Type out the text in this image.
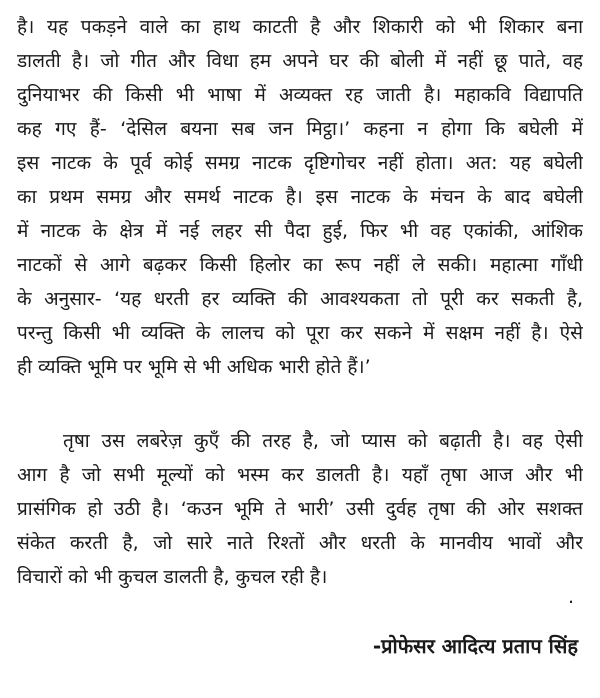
है। यह पकड़ने वाले का हाथ काटती है और शिकारी को भी शिकार बना
डालती है। जो गीत और विधा हम अपने घर की बोली में नहीं छू पाते, वह
दुनियाभर की किसी भी भाषा में अव्यक्त रह जाती है। महाकवि विद्यापति
कह गए हैं- ‘देसिल बयना सब जन मिट्ठा।’ कहना न होगा कि बघेली में
इस नाटक के पूर्व कोई समग्र नाटक दृष्टिगोचर नहीं होता। अत: यह बघेली
का प्रथम समग्र और समर्थ नाटक है। इस नाटक के मंचन के बाद बघेली
में नाटक के क्षेत्र में नई लहर सी पैदा हुई, फिर भी वह एकांकी, आंशिक
नाटकों से आगे बढ़कर किसी हिलोर का रूप नहीं ले सकी। महात्मा गाँधी
के अनुसार- ‘यह धरती हर व्यक्ति की आवश्यकता तो पूरी कर सकती है,
परन्तु किसी भी व्यक्ति के लालच को पूरा कर सकने में सक्षम नहीं है। ऐसे
ही व्यक्ति भूमि पर भूमि से भी अधिक भारी होते हैं।’
तृषा उस लबरेज़ कुएँ की तरह है, जो प्यास को बढ़ाती है। वह ऐसी
आग है जो सभी मूल्यों को भस्म कर डालती है। यहाँ तृषा आज और भी
प्रासंगिक हो उठी है। ‘कउन भूमि ते भारी’ उसी दुर्वह तृषा की ओर सशक्त
संकेत करती है, जो सारे नाते रिश्तों और धरती के मानवीय भावों और
विचारों को भी कुचल डालती है, कुचल रही है।
.
-प्रोफेसर आदित्य प्रताप सिंह
